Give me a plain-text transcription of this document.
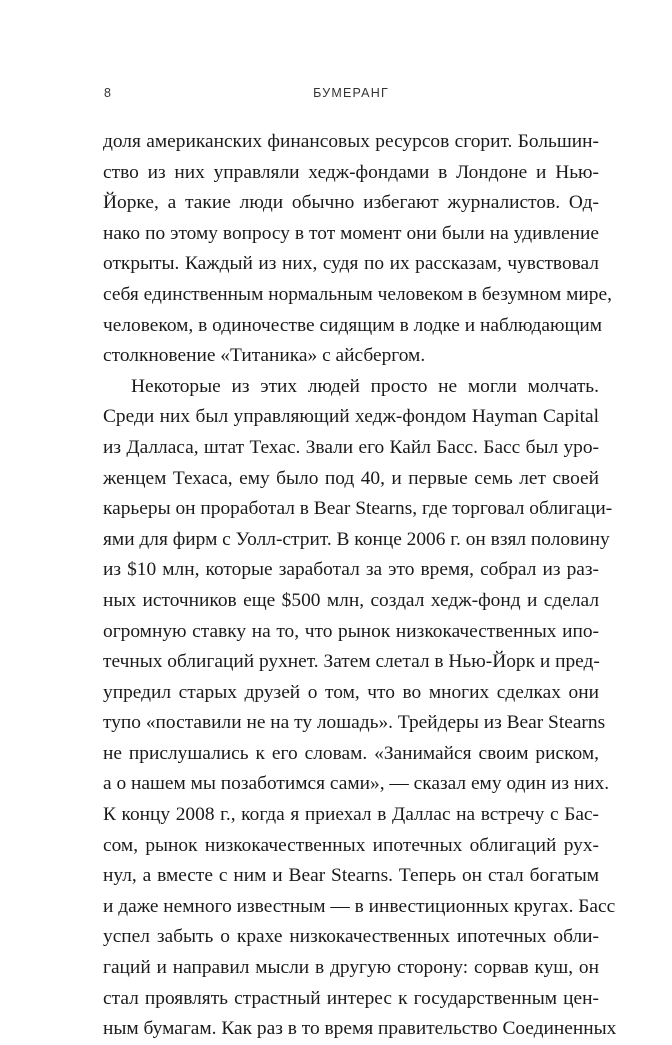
8	БУМЕРАНГ
доля американских финансовых ресурсов сгорит. Большин-
ство из них управляли хедж-фондами в Лондоне и Нью-
Йорке, а такие люди обычно избегают журналистов. Од-
нако по этому вопросу в тот момент они были на удивление
открыты. Каждый из них, судя по их рассказам, чувствовал
себя единственным нормальным человеком в безумном мире,
человеком, в одиночестве сидящим в лодке и наблюдающим
столкновение «Титаника» с айсбергом.
Некоторые из этих людей просто не могли молчать.
Среди них был управляющий хедж-фондом Hayman Capital
из Далласа, штат Техас. Звали его Кайл Басс. Басс был уро-
женцем Техаса, ему было под 40, и первые семь лет своей
карьеры он проработал в Bear Stearns, где торговал облигаци-
ями для фирм с Уолл-стрит. В конце 2006 г. он взял половину
из $10 млн, которые заработал за это время, собрал из раз-
ных источников еще $500 млн, создал хедж-фонд и сделал
огромную ставку на то, что рынок низкокачественных ипо-
течных облигаций рухнет. Затем слетал в Нью-Йорк и пред-
упредил старых друзей о том, что во многих сделках они
тупо «поставили не на ту лошадь». Трейдеры из Bear Stearns
не прислушались к его словам. «Занимайся своим риском,
а о нашем мы позаботимся сами», — сказал ему один из них.
К концу 2008 г., когда я приехал в Даллас на встречу с Бас-
сом, рынок низкокачественных ипотечных облигаций рух-
нул, а вместе с ним и Bear Stearns. Теперь он стал богатым
и даже немного известным — в инвестиционных кругах. Басс
успел забыть о крахе низкокачественных ипотечных обли-
гаций и направил мысли в другую сторону: сорвав куш, он
стал проявлять страстный интерес к государственным цен-
ным бумагам. Как раз в то время правительство Соединенных
